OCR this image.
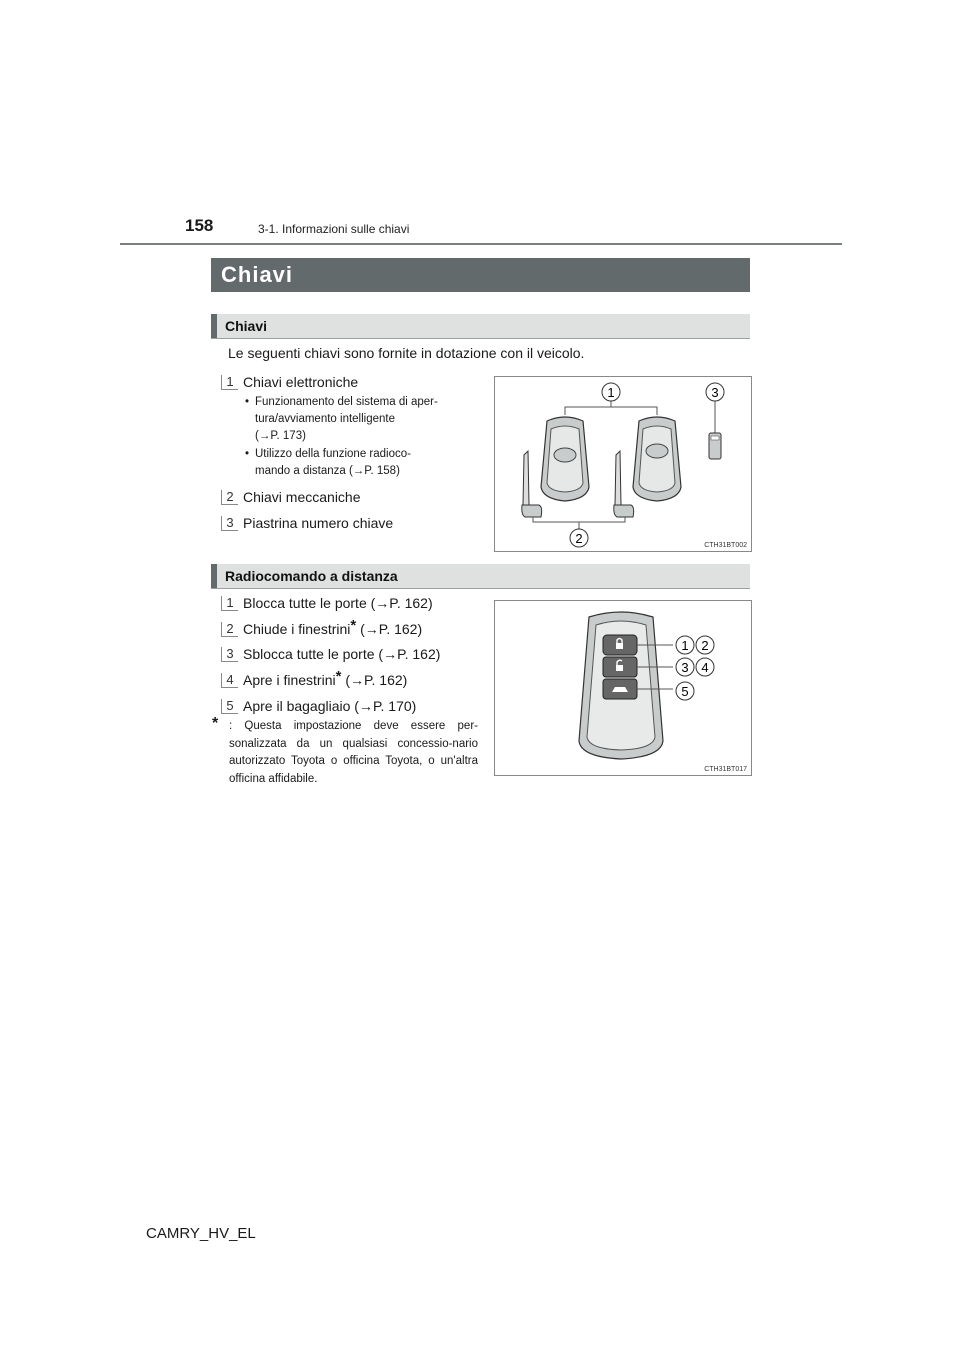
158	3-1. Informazioni sulle chiavi
Chiavi
Chiavi
Le seguenti chiavi sono fornite in dotazione con il veicolo.
1 Chiavi elettroniche
• Funzionamento del sistema di aper-
tura/avviamento intelligente
(→P. 173)
• Utilizzo della funzione radioco-
mando a distanza (→P. 158)
2 Chiavi meccaniche
3 Piastrina numero chiave
1	3
2	CTH31BT002
Radiocomando a distanza
1 Blocca tutte le porte (→P. 162)
2 Chiude i finestrini* (→P. 162)
3 Sblocca tutte le porte (→P. 162)
4 Apre i finestrini* (→P. 162)
5 Apre il bagagliaio (→P. 170)
* : Questa impostazione deve essere per-sonalizzata da un qualsiasi concessio-nario autorizzato Toyota o officina Toyota, o un'altra officina affidabile.
1 2
3 4
5
CTH31BT017
CAMRY_HV_EL
